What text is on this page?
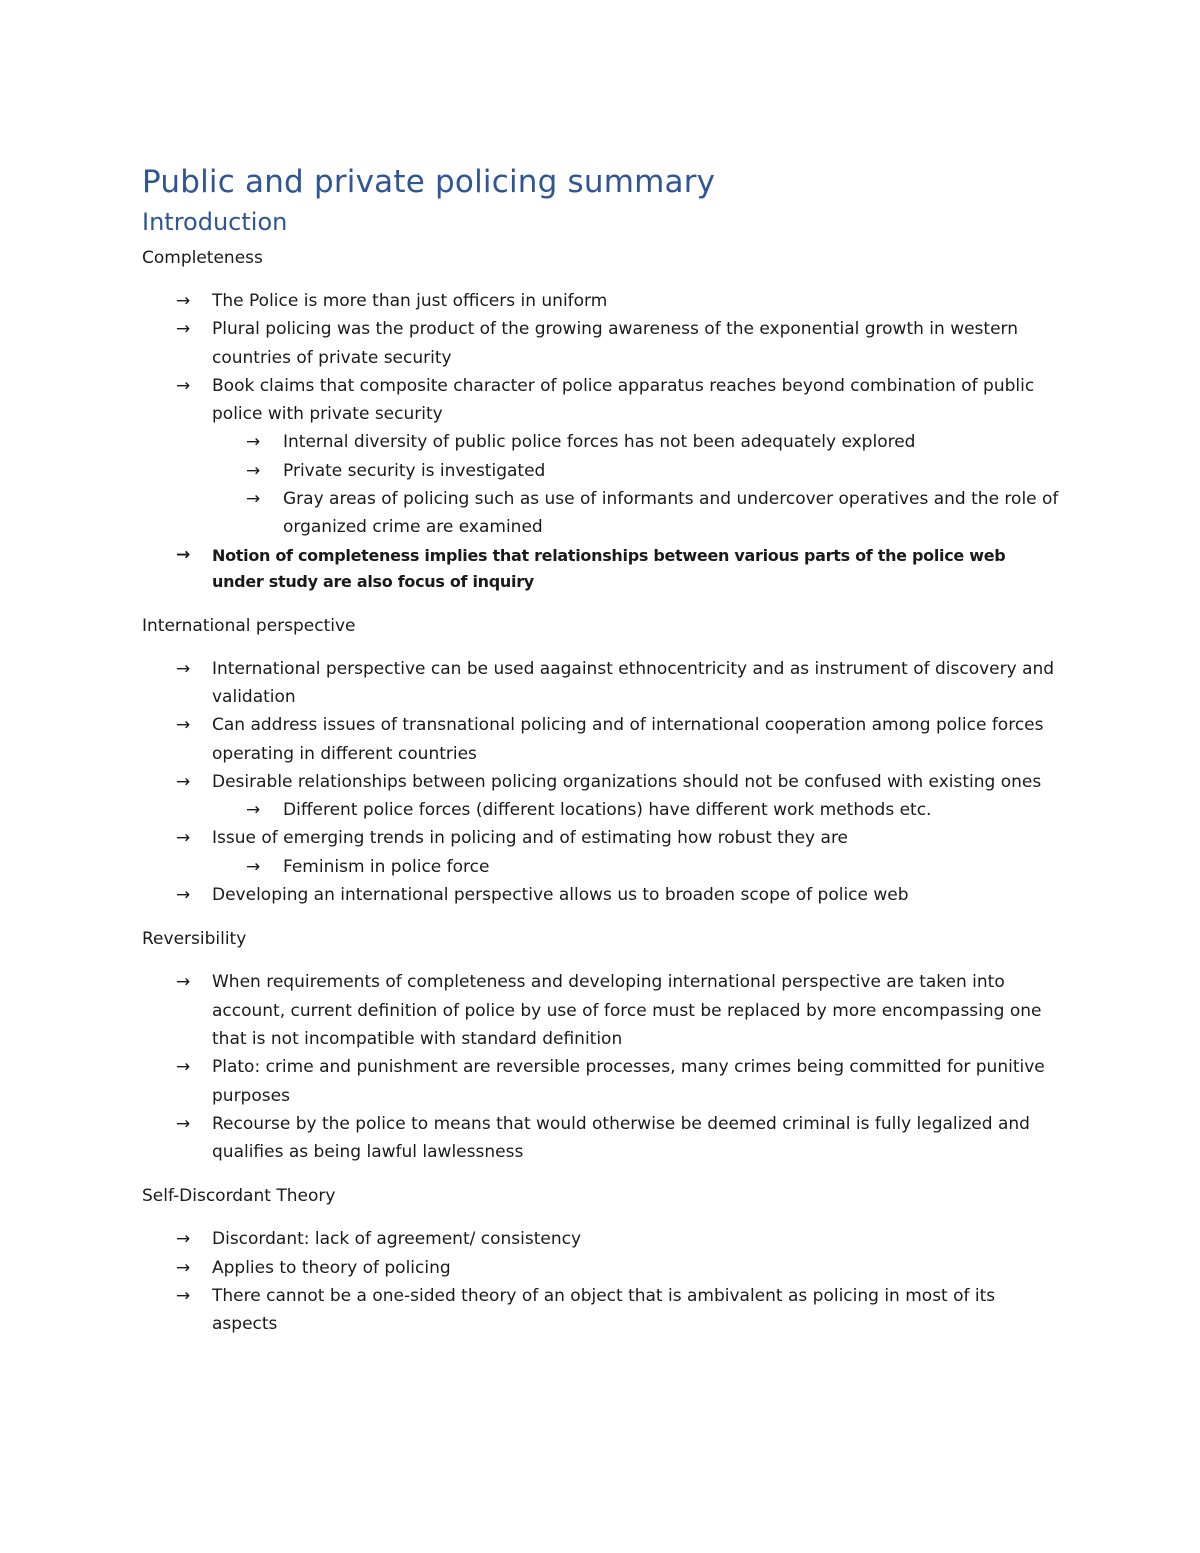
Public and private policing summary
Introduction

Completeness

→ The Police is more than just officers in uniform
→ Plural policing was the product of the growing awareness of the exponential growth in western countries of private security
→ Book claims that composite character of police apparatus reaches beyond combination of public police with private security
→ Internal diversity of public police forces has not been adequately explored
→ Private security is investigated
→ Gray areas of policing such as use of informants and undercover operatives and the role of organized crime are examined
→ Notion of completeness implies that relationships between various parts of the police web under study are also focus of inquiry

International perspective

→ International perspective can be used aagainst ethnocentricity and as instrument of discovery and validation
→ Can address issues of transnational policing and of international cooperation among police forces operating in different countries
→ Desirable relationships between policing organizations should not be confused with existing ones
→ Different police forces (different locations) have different work methods etc.
→ Issue of emerging trends in policing and of estimating how robust they are
→ Feminism in police force
→ Developing an international perspective allows us to broaden scope of police web

Reversibility

→ When requirements of completeness and developing international perspective are taken into account, current definition of police by use of force must be replaced by more encompassing one that is not incompatible with standard definition
→ Plato: crime and punishment are reversible processes, many crimes being committed for punitive purposes
→ Recourse by the police to means that would otherwise be deemed criminal is fully legalized and qualifies as being lawful lawlessness

Self-Discordant Theory

→ Discordant: lack of agreement/ consistency
→ Applies to theory of policing
→ There cannot be a one-sided theory of an object that is ambivalent as policing in most of its aspects
